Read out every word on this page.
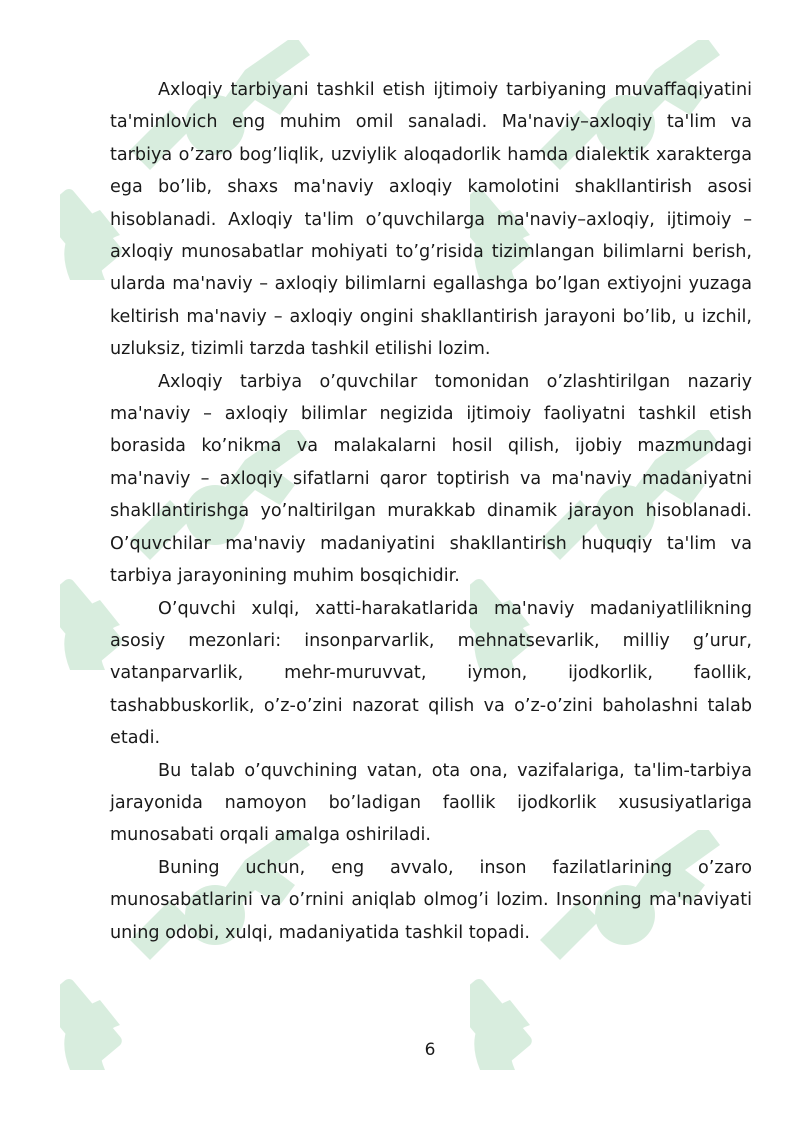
Axloqiy tarbiyani tashkil etish ijtimoiy tarbiyaning muvaffaqiyatini ta'minlovich eng muhim omil sanaladi. Ma'naviy–axloqiy ta'lim va tarbiya o’zaro bog’liqlik, uzviylik aloqadorlik hamda dialektik xarakterga ega bo’lib, shaxs ma'naviy axloqiy kamolotini shakllantirish asosi hisoblanadi. Axloqiy ta'lim o’quvchilarga ma'naviy–axloqiy, ijtimoiy – axloqiy munosabatlar mohiyati to’g’risida tizimlangan bilimlarni berish, ularda ma'naviy – axloqiy bilimlarni egallashga bo’lgan extiyojni yuzaga keltirish ma'naviy – axloqiy ongini shakllantirish jarayoni bo’lib, u izchil, uzluksiz, tizimli tarzda tashkil etilishi lozim.

Axloqiy tarbiya o’quvchilar tomonidan o’zlashtirilgan nazariy ma'naviy – axloqiy bilimlar negizida ijtimoiy faoliyatni tashkil etish borasida ko’nikma va malakalarni hosil qilish, ijobiy mazmundagi ma'naviy – axloqiy sifatlarni qaror toptirish va ma'naviy madaniyatni shakllantirishga yo’naltirilgan murakkab dinamik jarayon hisoblanadi. O’quvchilar ma'naviy madaniyatini shakllantirish huquqiy ta'lim va tarbiya jarayonining muhim bosqichidir.

O’quvchi xulqi, xatti-harakatlarida ma'naviy madaniyatlilikning asosiy mezonlari: insonparvarlik, mehnatsevarlik, milliy g’urur, vatanparvarlik, mehr-muruvvat, iymon, ijodkorlik, faollik, tashabbuskorlik, o’z-o’zini nazorat qilish va o’z-o’zini baholashni talab etadi.

Bu talab o’quvchining vatan, ota ona, vazifalariga, ta'lim-tarbiya jarayonida namoyon bo’ladigan faollik ijodkorlik xususiyatlariga munosabati orqali amalga oshiriladi.

Buning uchun, eng avvalo, inson fazilatlarining o’zaro munosabatlarini va o’rnini aniqlab olmog’i lozim. Insonning ma'naviyati uning odobi, xulqi, madaniyatida tashkil topadi.

6
